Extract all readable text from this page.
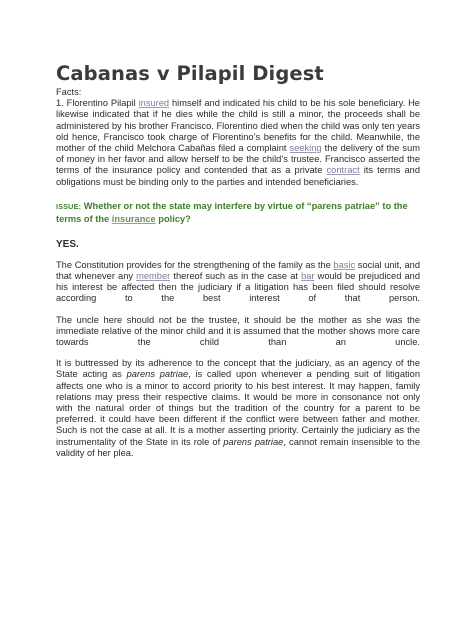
Cabanas v Pilapil Digest

Facts:

1. Florentino Pilapil insured himself and indicated his child to be his sole beneficiary. He likewise indicated that if he dies while the child is still a minor, the proceeds shall be administered by his brother Francisco. Florentino died when the child was only ten years old hence, Francisco took charge of Florentino’s benefits for the child. Meanwhile, the mother of the child Melchora Cabañas filed a complaint seeking the delivery of the sum of money in her favor and allow herself to be the child’s trustee. Francisco asserted the terms of the insurance policy and contended that as a private contract its terms and obligations must be binding only to the parties and intended beneficiaries.

ISSUE: Whether or not the state may interfere by virtue of “parens patriae” to the terms of the insurance policy?

YES.

The Constitution provides for the strengthening of the family as the basic social unit, and that whenever any member thereof such as in the case at bar would be prejudiced and his interest be affected then the judiciary if a litigation has been filed should resolve according to the best interest of that person.

The uncle here should not be the trustee, it should be the mother as she was the immediate relative of the minor child and it is assumed that the mother shows more care towards the child than an uncle.

It is buttressed by its adherence to the concept that the judiciary, as an agency of the State acting as parens patriae, is called upon whenever a pending suit of litigation affects one who is a minor to accord priority to his best interest. It may happen, family relations may press their respective claims. It would be more in consonance not only with the natural order of things but the tradition of the country for a parent to be preferred. it could have been different if the conflict were between father and mother. Such is not the case at all. It is a mother asserting priority. Certainly the judiciary as the instrumentality of the State in its role of parens patriae, cannot remain insensible to the validity of her plea.
